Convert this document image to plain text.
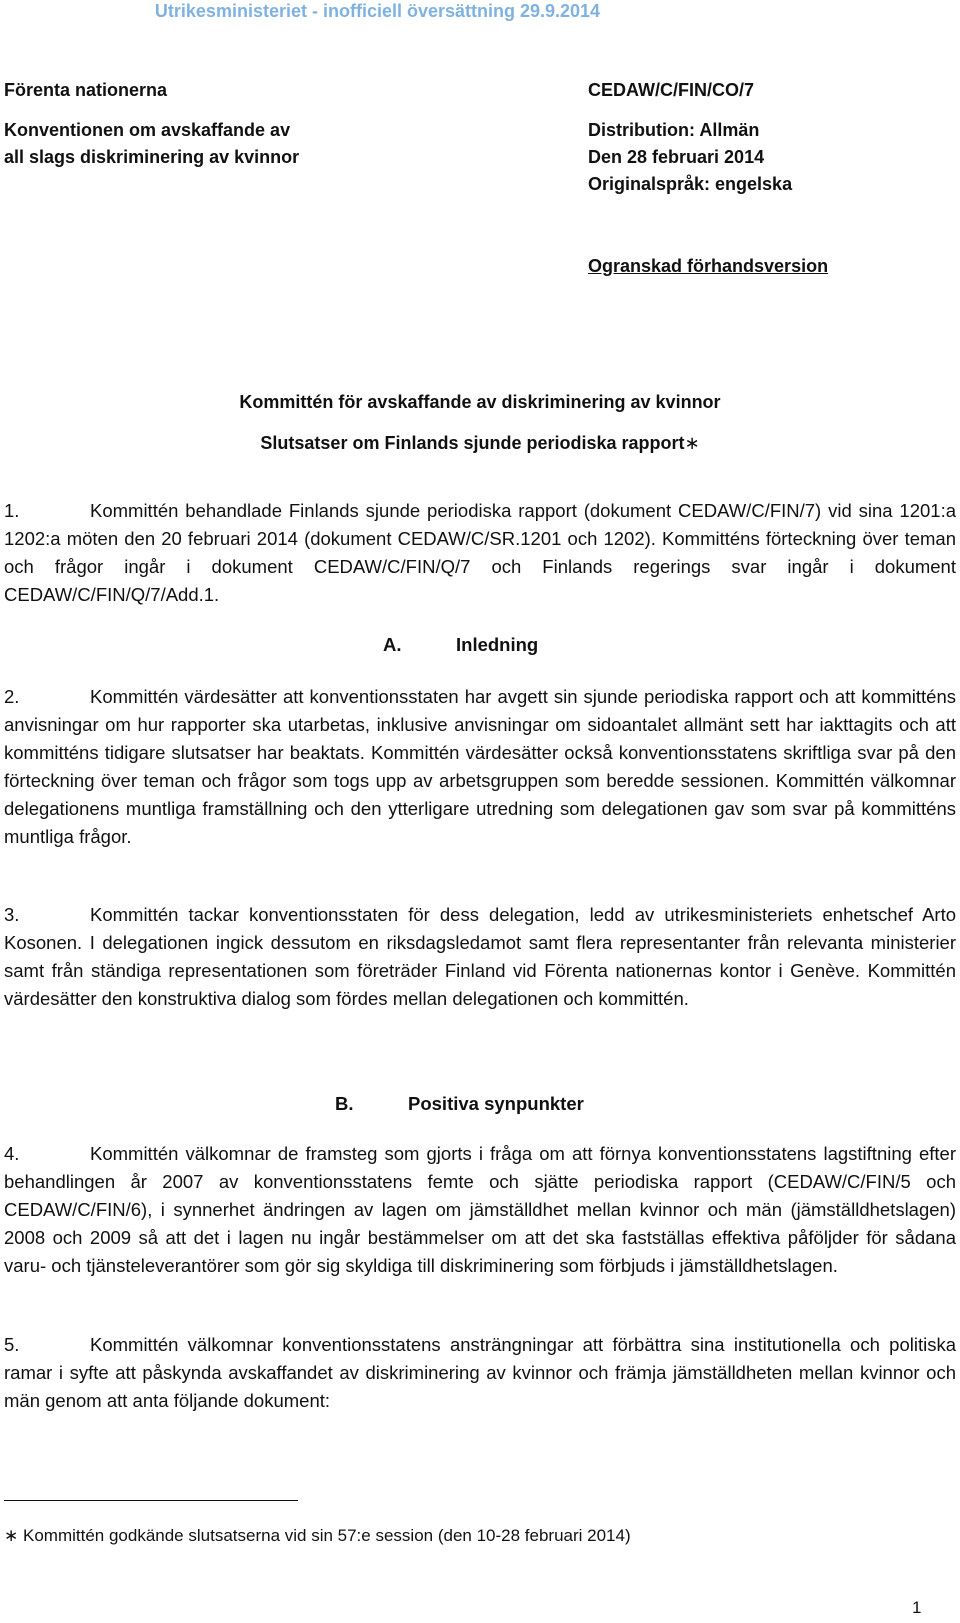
Utrikesministeriet - inofficiell översättning 29.9.2014
Förenta nationerna
Konventionen om avskaffande av
all slags diskriminering av kvinnor
CEDAW/C/FIN/CO/7
Distribution: Allmän
Den 28 februari 2014
Originalspråk: engelska
Ogranskad förhandsversion
Kommittén för avskaffande av diskriminering av kvinnor
Slutsatser om Finlands sjunde periodiska rapport∗
1.	Kommittén behandlade Finlands sjunde periodiska rapport (dokument CEDAW/C/FIN/7) vid sina 1201:a 1202:a möten den 20 februari 2014 (dokument CEDAW/C/SR.1201 och 1202). Kommitténs förteckning över teman och frågor ingår i dokument CEDAW/C/FIN/Q/7 och Finlands regerings svar ingår i dokument CEDAW/C/FIN/Q/7/Add.1.
A.	Inledning
2.	Kommittén värdesätter att konventionsstaten har avgett sin sjunde periodiska rapport och att kommitténs anvisningar om hur rapporter ska utarbetas, inklusive anvisningar om sidoantalet allmänt sett har iakttagits och att kommitténs tidigare slutsatser har beaktats. Kommittén värdesätter också konventionsstatens skriftliga svar på den förteckning över teman och frågor som togs upp av arbetsgruppen som beredde sessionen. Kommittén välkomnar delegationens muntliga framställning och den ytterligare utredning som delegationen gav som svar på kommitténs muntliga frågor.
3.	Kommittén tackar konventionsstaten för dess delegation, ledd av utrikesministeriets enhetschef Arto Kosonen. I delegationen ingick dessutom en riksdagsledamot samt flera representanter från relevanta ministerier samt från ständiga representationen som företräder Finland vid Förenta nationernas kontor i Genève. Kommittén värdesätter den konstruktiva dialog som fördes mellan delegationen och kommittén.
B.	Positiva synpunkter
4.	Kommittén välkomnar de framsteg som gjorts i fråga om att förnya konventionsstatens lagstiftning efter behandlingen år 2007 av konventionsstatens femte och sjätte periodiska rapport (CEDAW/C/FIN/5 och CEDAW/C/FIN/6), i synnerhet ändringen av lagen om jämställdhet mellan kvinnor och män (jämställdhetslagen) 2008 och 2009 så att det i lagen nu ingår bestämmelser om att det ska fastställas effektiva påföljder för sådana varu- och tjänsteleverantörer som gör sig skyldiga till diskriminering som förbjuds i jämställdhetslagen.
5.	Kommittén välkomnar konventionsstatens ansträngningar att förbättra sina institutionella och politiska ramar i syfte att påskynda avskaffandet av diskriminering av kvinnor och främja jämställdheten mellan kvinnor och män genom att anta följande dokument:
∗ Kommittén godkände slutsatserna vid sin 57:e session (den 10-28 februari 2014)
1
